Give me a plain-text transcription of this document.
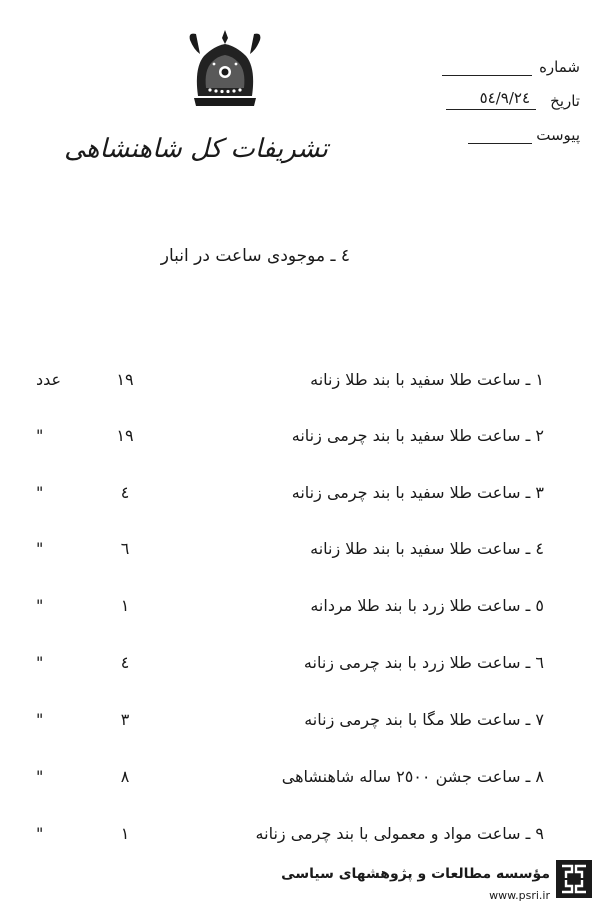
تشریفات کل شاهنشاهی
شماره
تاریخ
٥٤/٩/٢٤
پیوست
٤ ـ موجودی ساعت در انبار
١ ـ ساعت طلا سفید با بند طلا زنانه
١٩
عدد
٢ ـ ساعت طلا سفید با بند چرمی زنانه
١٩
"
٣ ـ ساعت طلا سفید با بند چرمی زنانه
٤
"
٤ ـ ساعت طلا سفید با بند طلا زنانه
٦
"
٥ ـ ساعت طلا زرد با بند طلا مردانه
١
"
٦ ـ ساعت طلا زرد با بند چرمی زنانه
٤
"
٧ ـ ساعت طلا مگا با بند چرمی زنانه
٣
"
٨ ـ ساعت جشن ٢٥٠٠ ساله شاهنشاهی
٨
"
٩ ـ ساعت مواد و معمولی با بند چرمی زنانه
١
"
مؤسسه مطالعات و پژوهشهای سیاسی
www.psri.ir
